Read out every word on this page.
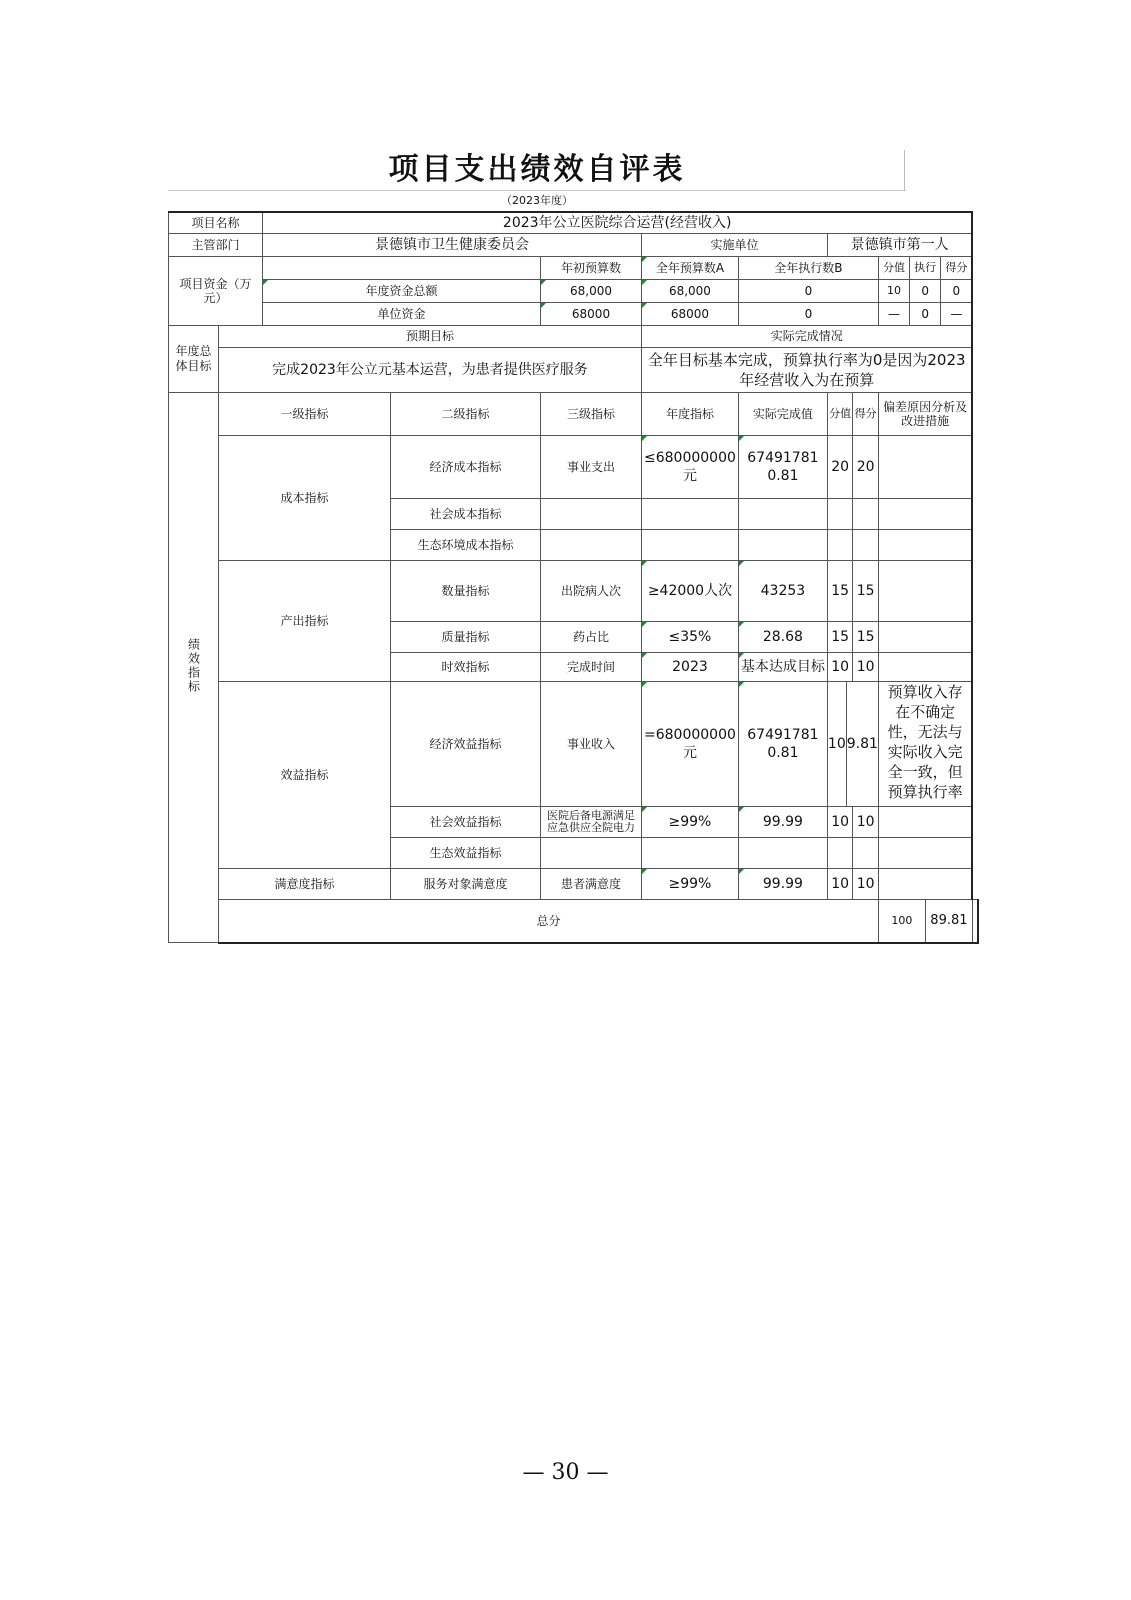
项目支出绩效自评表
（2023年度）
项目名称		2023年公立医院综合运营(经营收入)							
主管部门		景德镇市卫生健康委员会			实施单位		景德镇市第一人		
项目资金（万元）				年初预算数	全年预算数A	全年执行数B		分值 执行 得分	

		年度资金总额		68,000	68,000	0		10 0 0	

		单位资金		68000	68000	0		— 0 —	

年度总体目标	预期目标				实际完成情况				
	完成2023年公立元基本运营，为患者提供医疗服务				全年目标基本完成，预算执行率为0是因为2023年经营收入为在预算				
绩效指标	一级指标		二级指标	三级指标	年度指标	实际完成值	分值 得分	偏差原因分析及改进措施	
	成本指标		经济成本指标	事业支出	≤680000000元	674917810.81	20 20		

			社会成本指标					

			生态环境成本指标					

	产出指标		数量指标	出院病人次	≥42000人次	43253	15 15		

			质量指标	药占比	≤35%	28.68	15 15		

			时效指标	完成时间	2023	基本达成目标	10 10		

	效益指标		经济效益指标	事业收入	=680000000元	674917810.81	10 9.81	预算收入存在不确定性，无法与实际收入完全一致，但预算执行率	
			社会效益指标	医院后备电源满足应急供应全院电力	≥99%	99.99	10 10		

			生态效益指标					

	满意度指标		服务对象满意度	患者满意度	≥99%	99.99	10 10		

	总分							100 89.81	

— 30 —
